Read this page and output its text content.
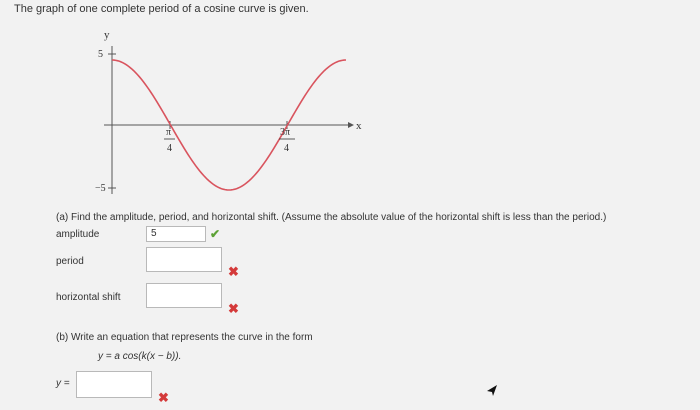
The graph of one complete period of a cosine curve is given.
y
x
5
−5
π
4
3π
4
(a) Find the amplitude, period, and horizontal shift. (Assume the absolute value of the horizontal shift is less than the period.)
amplitude	5	✔
period
✖
horizontal shift
✖
(b) Write an equation that represents the curve in the form
y = a cos(k(x − b)).
y =
✖
